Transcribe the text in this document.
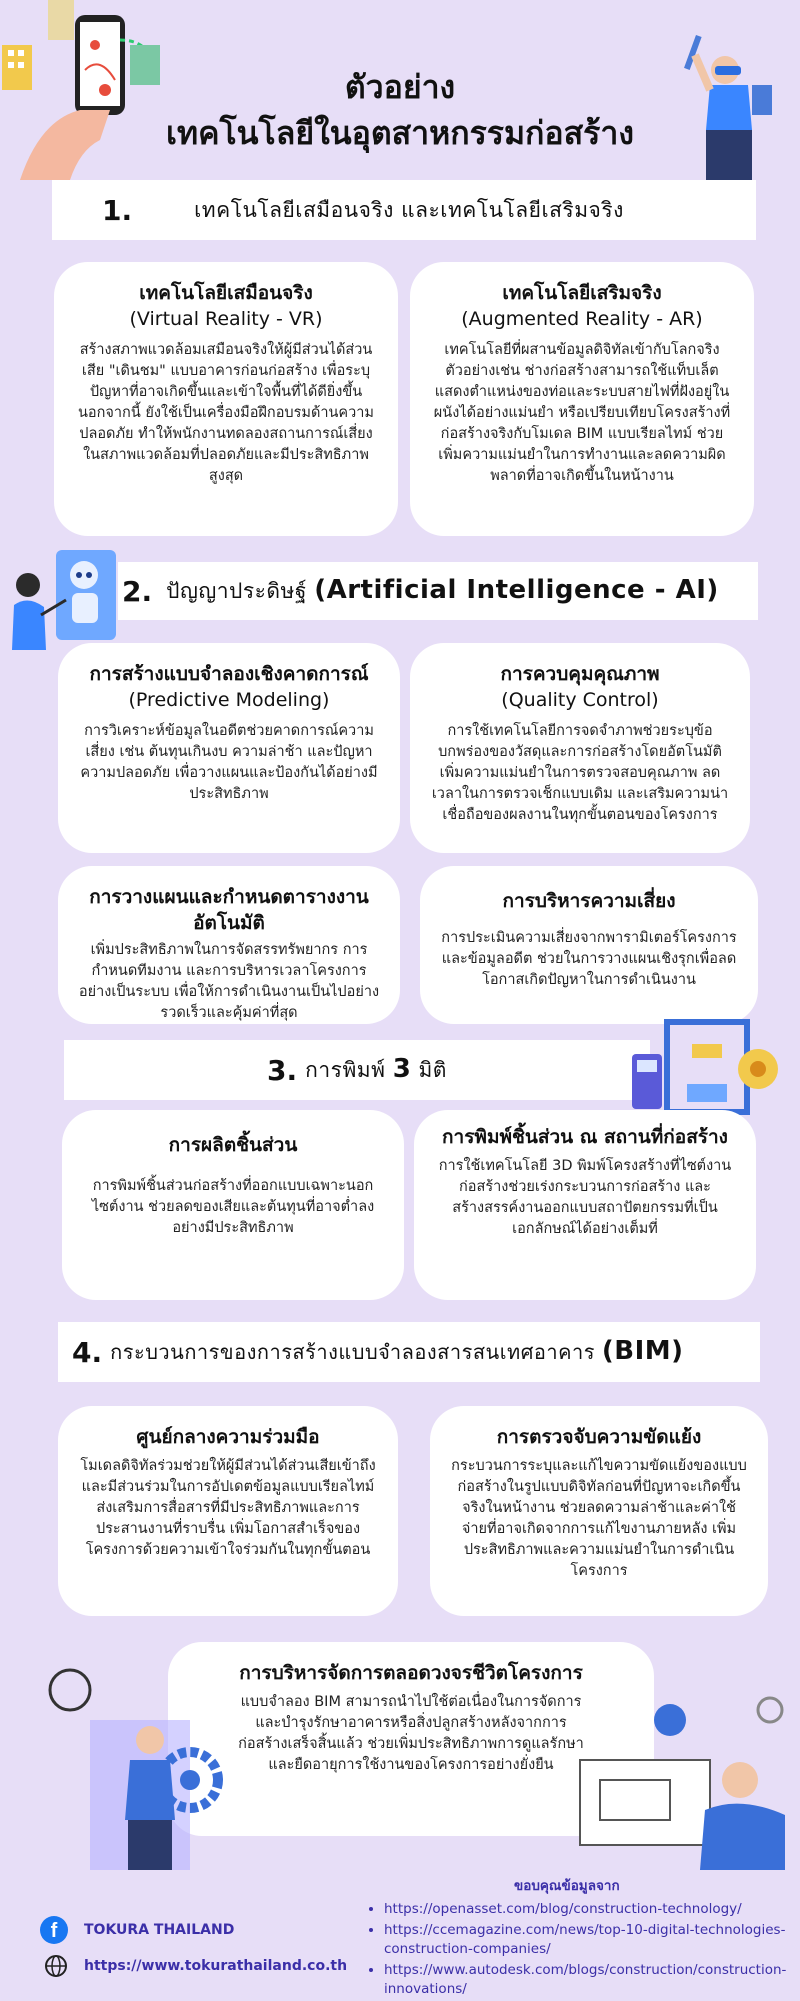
ตัวอย่าง
เทคโนโลยีในอุตสาหกรรมก่อสร้าง
1.	เทคโนโลยีเสมือนจริง และเทคโนโลยีเสริมจริง
เทคโนโลยีเสมือนจริง
(Virtual Reality - VR)
สร้างสภาพแวดล้อมเสมือนจริงให้ผู้มีส่วนได้ส่วนเสีย "เดินชม" แบบอาคารก่อนก่อสร้าง เพื่อระบุปัญหาที่อาจเกิดขึ้นและเข้าใจพื้นที่ได้ดียิ่งขึ้น นอกจากนี้ ยังใช้เป็นเครื่องมือฝึกอบรมด้านความปลอดภัย ทำให้พนักงานทดลองสถานการณ์เสี่ยงในสภาพแวดล้อมที่ปลอดภัยและมีประสิทธิภาพสูงสุด
เทคโนโลยีเสริมจริง
(Augmented Reality - AR)
เทคโนโลยีที่ผสานข้อมูลดิจิทัลเข้ากับโลกจริง ตัวอย่างเช่น ช่างก่อสร้างสามารถใช้แท็บเล็ตแสดงตำแหน่งของท่อและระบบสายไฟที่ฝังอยู่ในผนังได้อย่างแม่นยำ หรือเปรียบเทียบโครงสร้างที่ก่อสร้างจริงกับโมเดล BIM แบบเรียลไทม์ ช่วยเพิ่มความแม่นยำในการทำงานและลดความผิดพลาดที่อาจเกิดขึ้นในหน้างาน
2. ปัญญาประดิษฐ์ (Artificial Intelligence - AI)
การสร้างแบบจำลองเชิงคาดการณ์
(Predictive Modeling)
การวิเคราะห์ข้อมูลในอดีตช่วยคาดการณ์ความเสี่ยง เช่น ต้นทุนเกินงบ ความล่าช้า และปัญหาความปลอดภัย เพื่อวางแผนและป้องกันได้อย่างมีประสิทธิภาพ
การควบคุมคุณภาพ
(Quality Control)
การใช้เทคโนโลยีการจดจำภาพช่วยระบุข้อบกพร่องของวัสดุและการก่อสร้างโดยอัตโนมัติ เพิ่มความแม่นยำในการตรวจสอบคุณภาพ ลดเวลาในการตรวจเช็กแบบเดิม และเสริมความน่าเชื่อถือของผลงานในทุกขั้นตอนของโครงการ
การวางแผนและกำหนดตารางงานอัตโนมัติ
เพิ่มประสิทธิภาพในการจัดสรรทรัพยากร การกำหนดทีมงาน และการบริหารเวลาโครงการอย่างเป็นระบบ เพื่อให้การดำเนินงานเป็นไปอย่างรวดเร็วและคุ้มค่าที่สุด
การบริหารความเสี่ยง
การประเมินความเสี่ยงจากพารามิเตอร์โครงการและข้อมูลอดีต ช่วยในการวางแผนเชิงรุกเพื่อลดโอกาสเกิดปัญหาในการดำเนินงาน
3. การพิมพ์ 3 มิติ
การผลิตชิ้นส่วน
การพิมพ์ชิ้นส่วนก่อสร้างที่ออกแบบเฉพาะนอกไซต์งาน ช่วยลดของเสียและต้นทุนที่อาจต่ำลงอย่างมีประสิทธิภาพ
การพิมพ์ชิ้นส่วน ณ สถานที่ก่อสร้าง
การใช้เทคโนโลยี 3D พิมพ์โครงสร้างที่ไซต์งานก่อสร้างช่วยเร่งกระบวนการก่อสร้าง และสร้างสรรค์งานออกแบบสถาปัตยกรรมที่เป็นเอกลักษณ์ได้อย่างเต็มที่
4. กระบวนการของการสร้างแบบจำลองสารสนเทศอาคาร (BIM)
ศูนย์กลางความร่วมมือ
โมเดลดิจิทัลร่วมช่วยให้ผู้มีส่วนได้ส่วนเสียเข้าถึงและมีส่วนร่วมในการอัปเดตข้อมูลแบบเรียลไทม์ ส่งเสริมการสื่อสารที่มีประสิทธิภาพและการประสานงานที่ราบรื่น เพิ่มโอกาสสำเร็จของโครงการด้วยความเข้าใจร่วมกันในทุกขั้นตอน
การตรวจจับความขัดแย้ง
กระบวนการระบุและแก้ไขความขัดแย้งของแบบก่อสร้างในรูปแบบดิจิทัลก่อนที่ปัญหาจะเกิดขึ้นจริงในหน้างาน ช่วยลดความล่าช้าและค่าใช้จ่ายที่อาจเกิดจากการแก้ไขงานภายหลัง เพิ่มประสิทธิภาพและความแม่นยำในการดำเนินโครงการ
การบริหารจัดการตลอดวงจรชีวิตโครงการ
แบบจำลอง BIM สามารถนำไปใช้ต่อเนื่องในการจัดการและบำรุงรักษาอาคารหรือสิ่งปลูกสร้างหลังจากการก่อสร้างเสร็จสิ้นแล้ว ช่วยเพิ่มประสิทธิภาพการดูแลรักษาและยืดอายุการใช้งานของโครงการอย่างยั่งยืน
f	TOKURA THAILAND
https://www.tokurathailand.co.th
ขอบคุณข้อมูลจาก
• https://openasset.com/blog/construction-technology/
• https://ccemagazine.com/news/top-10-digital-technologies-construction-companies/
• https://www.autodesk.com/blogs/construction/construction-innovations/
